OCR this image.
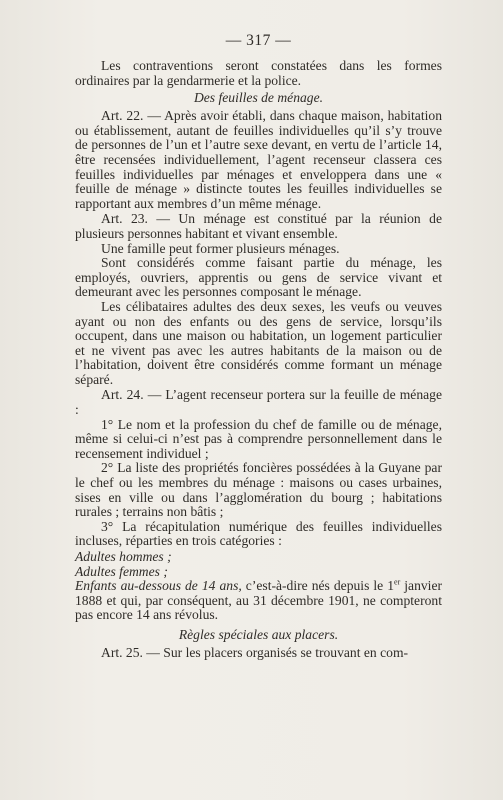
— 317 —

Les contraventions seront constatées dans les formes ordinaires par la gendarmerie et la police.

Des feuilles de ménage.

Art. 22. — Après avoir établi, dans chaque maison, habitation ou établissement, autant de feuilles individuelles qu’il s’y trouve de personnes de l’un et l’autre sexe devant, en vertu de l’article 14, être recensées individuellement, l’agent recenseur classera ces feuilles individuelles par ménages et enveloppera dans une « feuille de ménage » distincte toutes les feuilles individuelles se rapportant aux membres d’un même ménage.

Art. 23. — Un ménage est constitué par la réunion de plusieurs personnes habitant et vivant ensemble.

Une famille peut former plusieurs ménages.

Sont considérés comme faisant partie du ménage, les employés, ouvriers, apprentis ou gens de service vivant et demeurant avec les personnes composant le ménage.

Les célibataires adultes des deux sexes, les veufs ou veuves ayant ou non des enfants ou des gens de service, lorsqu’ils occupent, dans une maison ou habitation, un logement particulier et ne vivent pas avec les autres habitants de la maison ou de l’habitation, doivent être considérés comme formant un ménage séparé.

Art. 24. — L’agent recenseur portera sur la feuille de ménage :

1° Le nom et la profession du chef de famille ou de ménage, même si celui-ci n’est pas à comprendre personnellement dans le recensement individuel ;

2° La liste des propriétés foncières possédées à la Guyane par le chef ou les membres du ménage : maisons ou cases urbaines, sises en ville ou dans l’agglomération du bourg ; habitations rurales ; terrains non bâtis ;

3° La récapitulation numérique des feuilles individuelles incluses, réparties en trois catégories :

Adultes hommes ;

Adultes femmes ;

Enfants au-dessous de 14 ans, c’est-à-dire nés depuis le 1er janvier 1888 et qui, par conséquent, au 31 décembre 1901, ne compteront pas encore 14 ans révolus.

Règles spéciales aux placers.

Art. 25. — Sur les placers organisés se trouvant en com-
